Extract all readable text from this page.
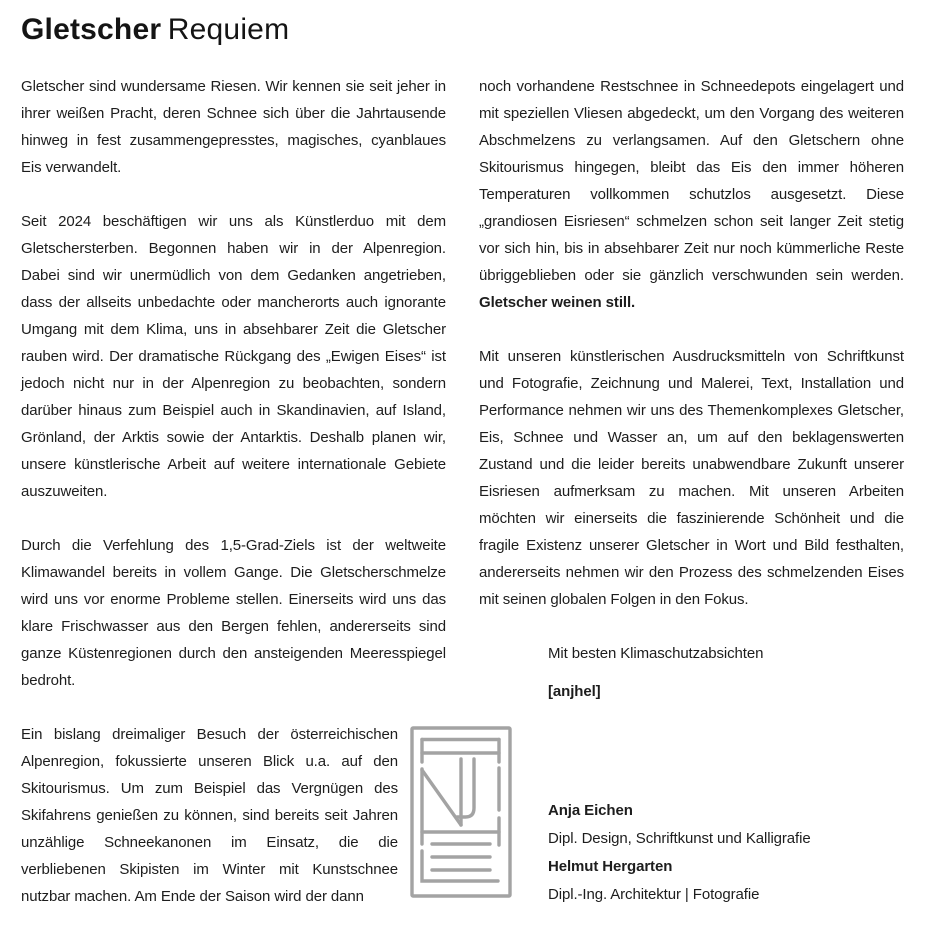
Gletscher Requiem

Gletscher sind wundersame Riesen. Wir kennen sie seit jeher in ihrer weißen Pracht, deren Schnee sich über die Jahrtausende hinweg in fest zusammengepresstes, magisches, cyanblaues Eis verwandelt.

Seit 2024 beschäftigen wir uns als Künstlerduo mit dem Gletschersterben. Begonnen haben wir in der Alpenregion. Dabei sind wir unermüdlich von dem Gedanken angetrieben, dass der allseits unbedachte oder mancherorts auch ignorante Umgang mit dem Klima, uns in absehbarer Zeit die Gletscher rauben wird. Der dramatische Rückgang des „Ewigen Eises“ ist jedoch nicht nur in der Alpenregion zu beobachten, sondern darüber hinaus zum Beispiel auch in Skandinavien, auf Island, Grönland, der Arktis sowie der Antarktis. Deshalb planen wir, unsere künstlerische Arbeit auf weitere internationale Gebiete auszuweiten.

Durch die Verfehlung des 1,5-Grad-Ziels ist der weltweite Klimawandel bereits in vollem Gange. Die Gletscherschmelze wird uns vor enorme Probleme stellen. Einerseits wird uns das klare Frischwasser aus den Bergen fehlen, andererseits sind ganze Küstenregionen durch den ansteigenden Meeresspiegel bedroht.

Ein bislang dreimaliger Besuch der österreichischen Alpenregion, fokussierte unseren Blick u.a. auf den Skitourismus. Um zum Beispiel das Vergnügen des Skifahrens genießen zu können, sind bereits seit Jahren unzählige Schneekanonen im Einsatz, die die verbliebenen Skipisten im Winter mit Kunstschnee nutzbar machen. Am Ende der Saison wird der dann

noch vorhandene Restschnee in Schneedepots eingelagert und mit speziellen Vliesen abgedeckt, um den Vorgang des weiteren Abschmelzens zu verlangsamen. Auf den Gletschern ohne Skitourismus hingegen, bleibt das Eis den immer höheren Temperaturen vollkommen schutzlos ausgesetzt. Diese „grandiosen Eisriesen“ schmelzen schon seit langer Zeit stetig vor sich hin, bis in absehbarer Zeit nur noch kümmerliche Reste übriggeblieben oder sie gänzlich verschwunden sein werden. Gletscher weinen still.

Mit unseren künstlerischen Ausdrucksmitteln von Schriftkunst und Fotografie, Zeichnung und Malerei, Text, Installation und Performance nehmen wir uns des Themenkomplexes Gletscher, Eis, Schnee und Wasser an, um auf den beklagenswerten Zustand und die leider bereits unabwendbare Zukunft unserer Eisriesen aufmerksam zu machen. Mit unseren Arbeiten möchten wir einerseits die faszinierende Schönheit und die fragile Existenz unserer Gletscher in Wort und Bild festhalten, andererseits nehmen wir den Prozess des schmelzenden Eises mit seinen globalen Folgen in den Fokus.

Mit besten Klimaschutzabsichten

[anjhel]

Anja Eichen

Dipl. Design, Schriftkunst und Kalligrafie

Helmut Hergarten

Dipl.-Ing. Architektur | Fotografie
